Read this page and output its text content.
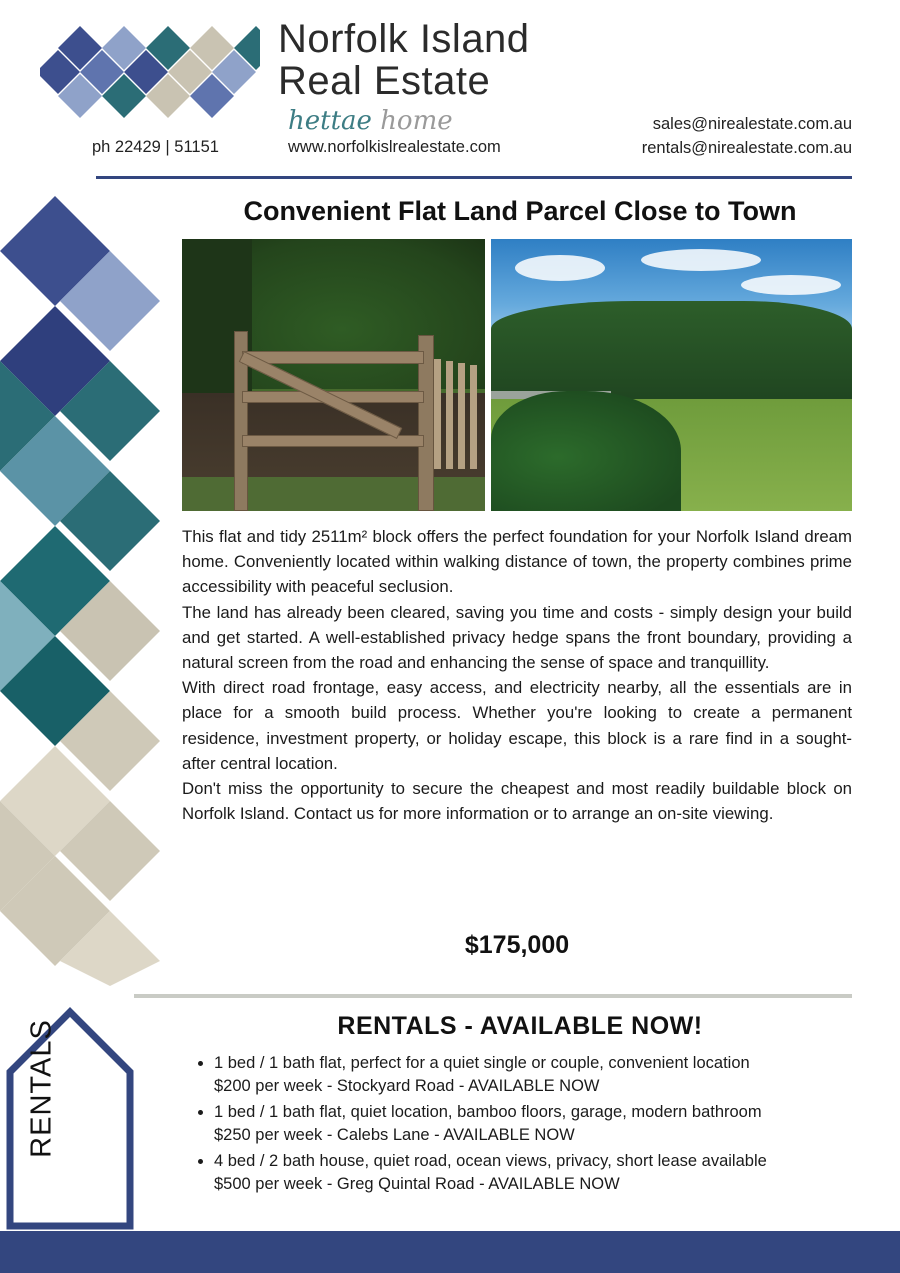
Norfolk Island
Real Estate
hettae home	sales@nirealestate.com.au
rentals@nirealestate.com.au
ph 22429 | 51151	www.norfolkislrealestate.com
Convenient Flat Land Parcel Close to Town

This flat and tidy 2511m² block offers the perfect foundation for your Norfolk Island dream home. Conveniently located within walking distance of town, the property combines prime accessibility with peaceful seclusion.

The land has already been cleared, saving you time and costs - simply design your build and get started. A well-established privacy hedge spans the front boundary, providing a natural screen from the road and enhancing the sense of space and tranquillity.

With direct road frontage, easy access, and electricity nearby, all the essentials are in place for a smooth build process. Whether you're looking to create a permanent residence, investment property, or holiday escape, this block is a rare find in a sought-after central location.

Don't miss the opportunity to secure the cheapest and most readily buildable block on Norfolk Island. Contact us for more information or to arrange an on-site viewing.

$175,000
RENTALS	RENTALS - AVAILABLE NOW!
• 1 bed / 1 bath flat, perfect for a quiet single or couple, convenient location
$200 per week - Stockyard Road - AVAILABLE NOW
• 1 bed / 1 bath flat, quiet location, bamboo floors, garage, modern bathroom
$250 per week - Calebs Lane - AVAILABLE NOW
• 4 bed / 2 bath house, quiet road, ocean views, privacy, short lease available
$500 per week - Greg Quintal Road - AVAILABLE NOW
